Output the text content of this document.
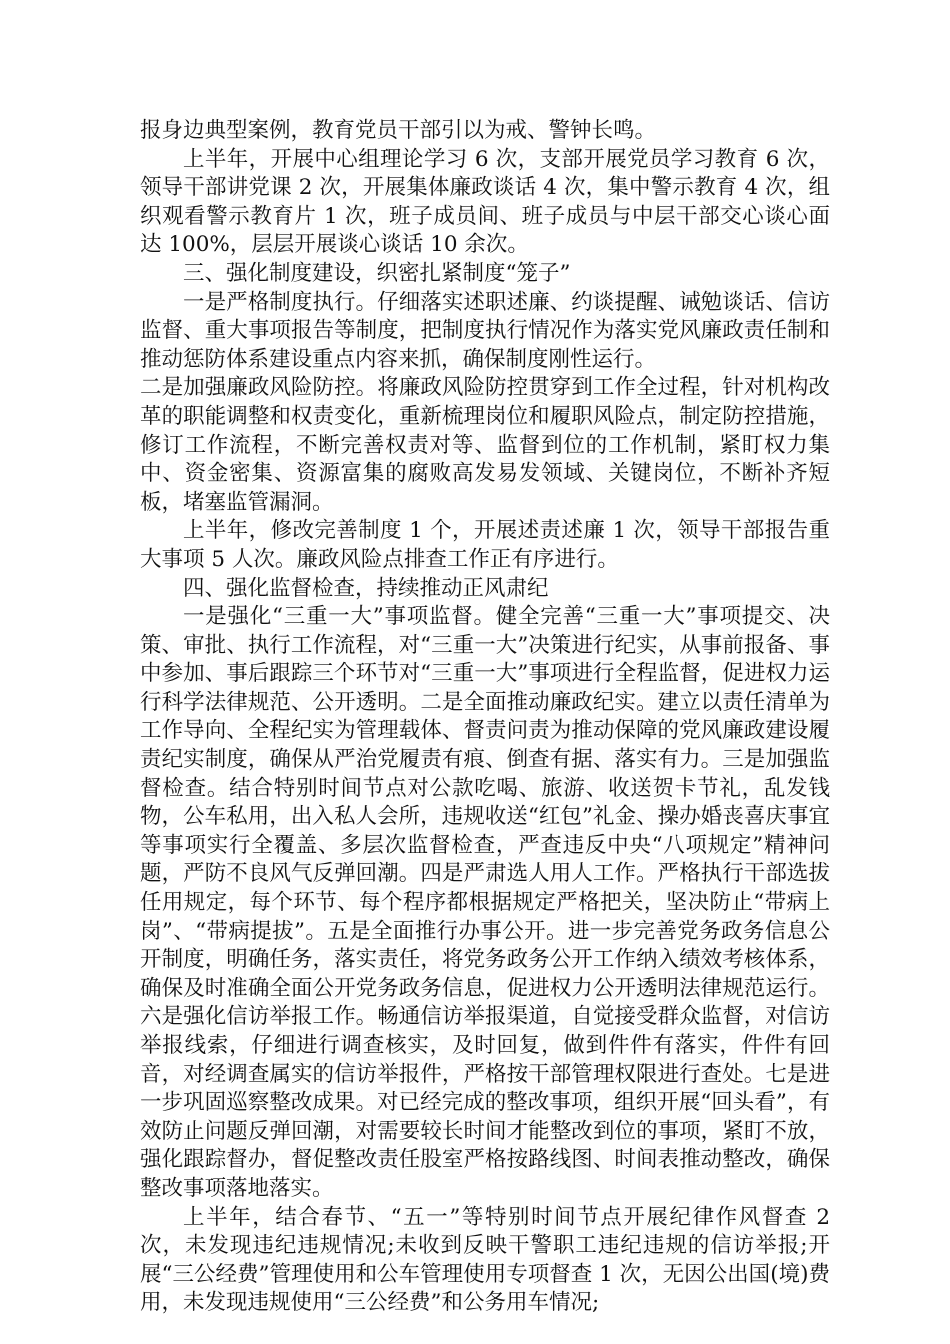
报身边典型案例，教育党员干部引以为戒、警钟长鸣。

上半年，开展中心组理论学习 6 次，支部开展党员学习教育 6 次，领导干部讲党课 2 次，开展集体廉政谈话 4 次，集中警示教育 4 次，组织观看警示教育片 1 次，班子成员间、班子成员与中层干部交心谈心面达 100%，层层开展谈心谈话 10 余次。

三、强化制度建设，织密扎紧制度“笼子”

一是严格制度执行。仔细落实述职述廉、约谈提醒、诫勉谈话、信访监督、重大事项报告等制度，把制度执行情况作为落实党风廉政责任制和推动惩防体系建设重点内容来抓，确保制度刚性运行。

二是加强廉政风险防控。将廉政风险防控贯穿到工作全过程，针对机构改革的职能调整和权责变化，重新梳理岗位和履职风险点，制定防控措施，修订工作流程，不断完善权责对等、监督到位的工作机制，紧盯权力集中、资金密集、资源富集的腐败高发易发领域、关键岗位，不断补齐短板，堵塞监管漏洞。

上半年，修改完善制度 1 个，开展述责述廉 1 次，领导干部报告重大事项 5 人次。廉政风险点排查工作正有序进行。

四、强化监督检查，持续推动正风肃纪

一是强化“三重一大”事项监督。健全完善“三重一大”事项提交、决策、审批、执行工作流程，对“三重一大”决策进行纪实，从事前报备、事中参加、事后跟踪三个环节对“三重一大”事项进行全程监督，促进权力运行科学法律规范、公开透明。二是全面推动廉政纪实。建立以责任清单为工作导向、全程纪实为管理载体、督责问责为推动保障的党风廉政建设履责纪实制度，确保从严治党履责有痕、倒查有据、落实有力。三是加强监督检查。结合特别时间节点对公款吃喝、旅游、收送贺卡节礼，乱发钱物，公车私用，出入私人会所，违规收送“红包”礼金、操办婚丧喜庆事宜等事项实行全覆盖、多层次监督检查，严查违反中央“八项规定”精神问题，严防不良风气反弹回潮。四是严肃选人用人工作。严格执行干部选拔任用规定，每个环节、每个程序都根据规定严格把关，坚决防止“带病上岗”、“带病提拔”。五是全面推行办事公开。进一步完善党务政务信息公开制度，明确任务，落实责任，将党务政务公开工作纳入绩效考核体系，确保及时准确全面公开党务政务信息，促进权力公开透明法律规范运行。六是强化信访举报工作。畅通信访举报渠道，自觉接受群众监督，对信访举报线索，仔细进行调查核实，及时回复，做到件件有落实，件件有回音，对经调查属实的信访举报件，严格按干部管理权限进行查处。七是进一步巩固巡察整改成果。对已经完成的整改事项，组织开展“回头看”，有效防止问题反弹回潮，对需要较长时间才能整改到位的事项，紧盯不放，强化跟踪督办，督促整改责任股室严格按路线图、时间表推动整改，确保整改事项落地落实。

上半年，结合春节、“五一”等特别时间节点开展纪律作风督查 2 次，未发现违纪违规情况;未收到反映干警职工违纪违规的信访举报;开展“三公经费”管理使用和公车管理使用专项督查 1 次，无因公出国(境)费用，未发现违规使用“三公经费”和公务用车情况;
